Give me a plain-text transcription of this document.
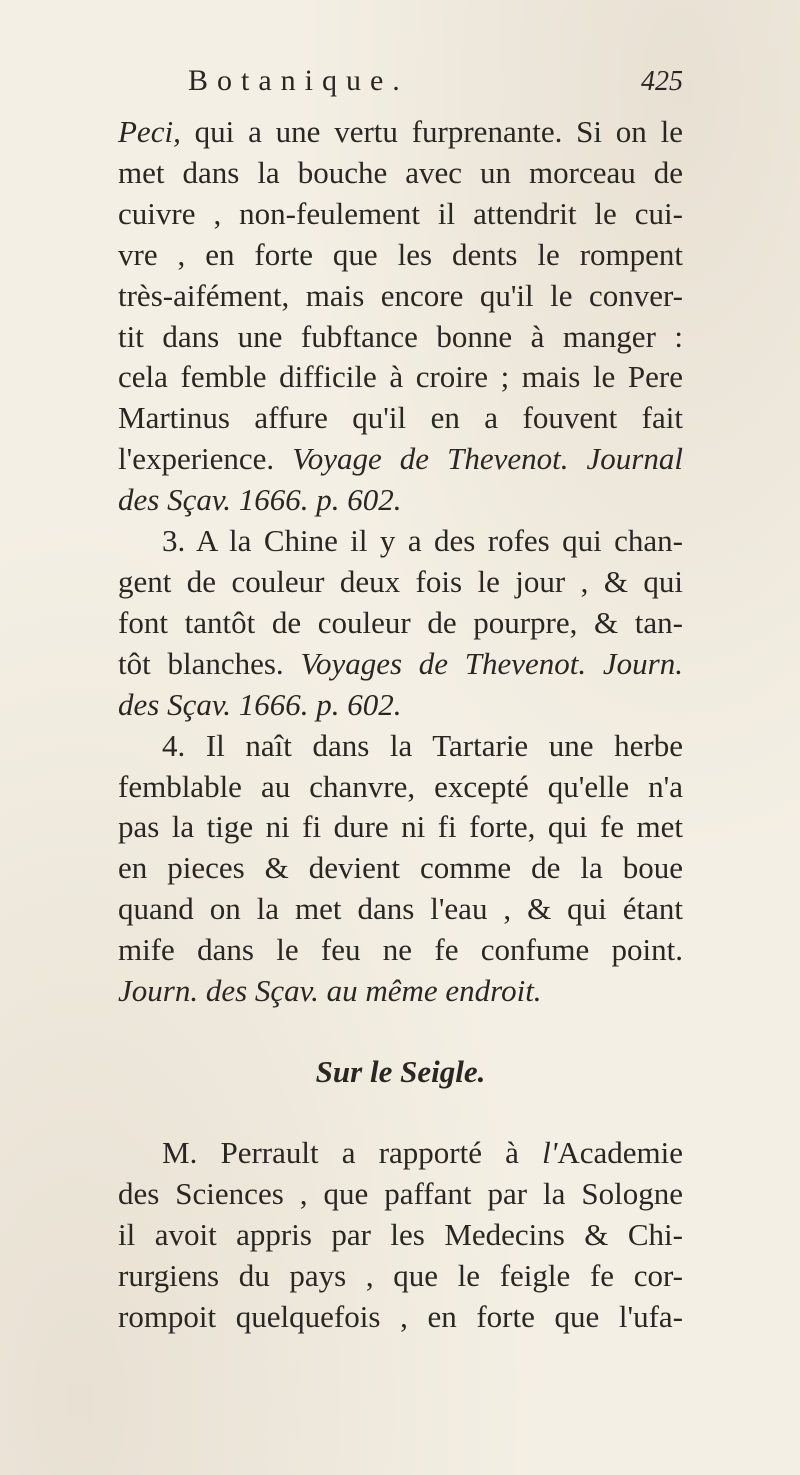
Botanique.	425
Peci, qui a une vertu furprenante. Si on le
met dans la bouche avec un morceau de
cuivre , non-feulement il attendrit le cui-
vre , en forte que les dents le rompent
très-aifément, mais encore qu'il le conver-
tit dans une fubftance bonne à manger :
cela femble difficile à croire ; mais le Pere
Martinus affure qu'il en a fouvent fait
l'experience. Voyage de Thevenot. Journal
des Sçav. 1666. p. 602.
3. A la Chine il y a des rofes qui chan-
gent de couleur deux fois le jour , & qui
font tantôt de couleur de pourpre, & tan-
tôt blanches. Voyages de Thevenot. Journ.
des Sçav. 1666. p. 602.
4. Il naît dans la Tartarie une herbe
femblable au chanvre, excepté qu'elle n'a
pas la tige ni fi dure ni fi forte, qui fe met
en pieces & devient comme de la boue
quand on la met dans l'eau , & qui étant
mife dans le feu ne fe confume point.
Journ. des Sçav. au même endroit.
Sur le Seigle.
M. Perrault a rapporté à l'Academie
des Sciences , que paffant par la Sologne
il avoit appris par les Medecins & Chi-
rurgiens du pays , que le feigle fe cor-
rompoit quelquefois , en forte que l'ufa-
